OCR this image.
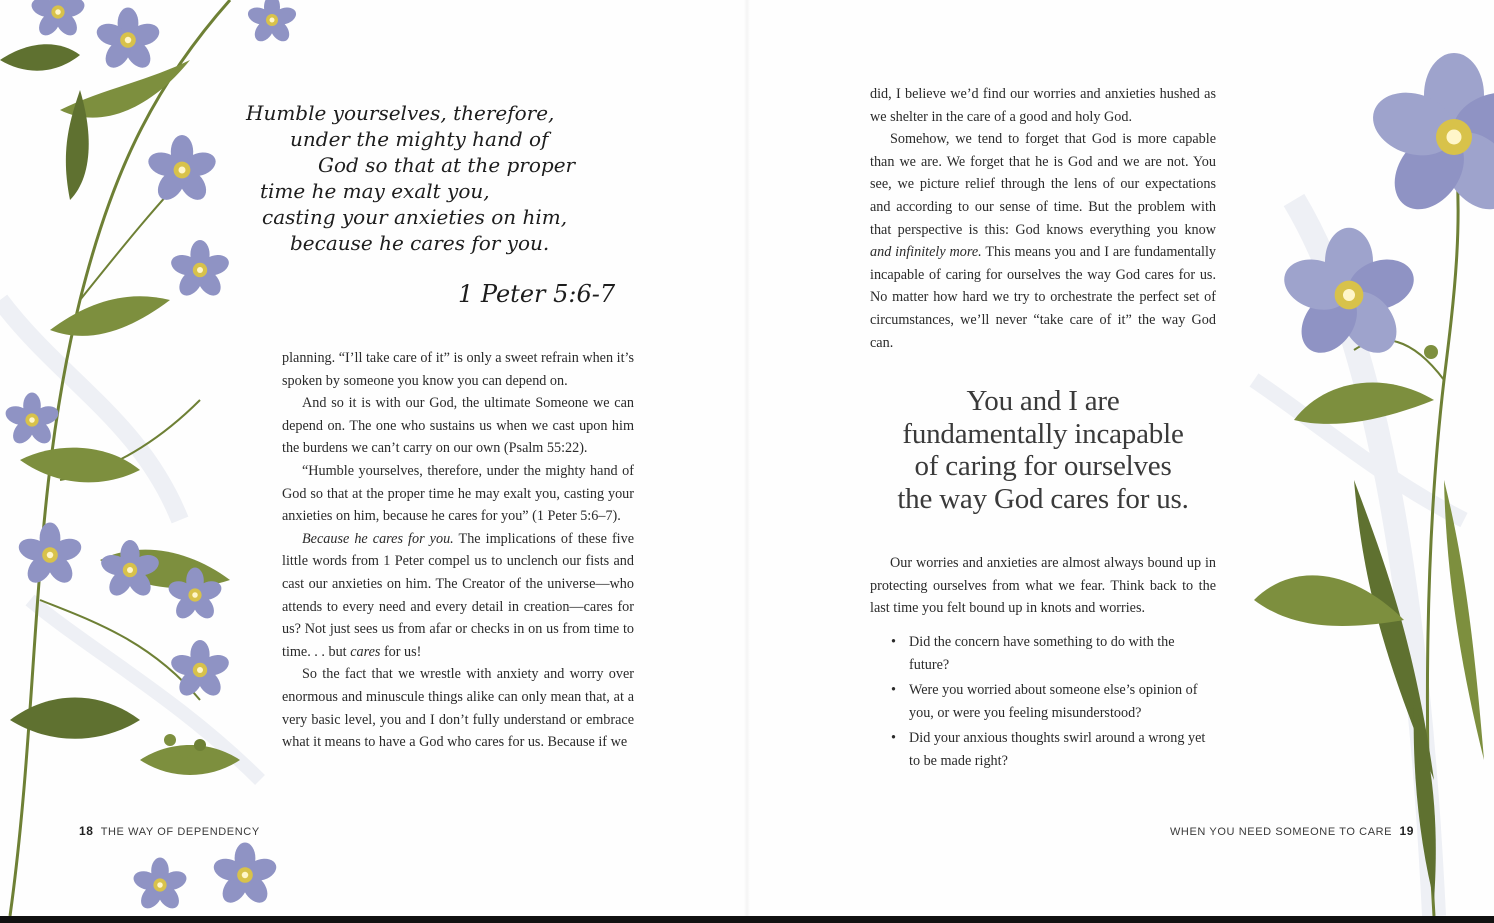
Humble yourselves, therefore,
under the mighty hand of
God so that at the proper
time he may exalt you,
casting your anxieties on him,
because he cares for you.
1 Peter 5:6-7

planning. “I’ll take care of it” is only a sweet refrain when it’s spoken by someone you know you can depend on.

And so it is with our God, the ultimate Someone we can depend on. The one who sustains us when we cast upon him the burdens we can’t carry on our own (Psalm 55:22).

“Humble yourselves, therefore, under the mighty hand of God so that at the proper time he may exalt you, casting your anxieties on him, because he cares for you” (1 Peter 5:6–7).

Because he cares for you. The implications of these five little words from 1 Peter compel us to unclench our fists and cast our anxieties on him. The Creator of the universe—who attends to every need and every detail in creation—cares for us? Not just sees us from afar or checks in on us from time to time. . . but cares for us!

So the fact that we wrestle with anxiety and worry over enormous and minuscule things alike can only mean that, at a very basic level, you and I don’t fully understand or embrace what it means to have a God who cares for us. Because if we

18 THE WAY OF DEPENDENCY

did, I believe we’d find our worries and anxieties hushed as we shelter in the care of a good and holy God.

Somehow, we tend to forget that God is more capable than we are. We forget that he is God and we are not. You see, we picture relief through the lens of our expectations and according to our sense of time. But the problem with that perspective is this: God knows everything you know and infinitely more. This means you and I are fundamentally incapable of caring for ourselves the way God cares for us. No matter how hard we try to orchestrate the perfect set of circumstances, we’ll never “take care of it” the way God can.

You and I are
fundamentally incapable
of caring for ourselves
the way God cares for us.

Our worries and anxieties are almost always bound up in protecting ourselves from what we fear. Think back to the last time you felt bound up in knots and worries.

• Did the concern have something to do with the future?
• Were you worried about someone else’s opinion of you, or were you feeling misunderstood?
• Did your anxious thoughts swirl around a wrong yet to be made right?
WHEN YOU NEED SOMEONE TO CARE 19
